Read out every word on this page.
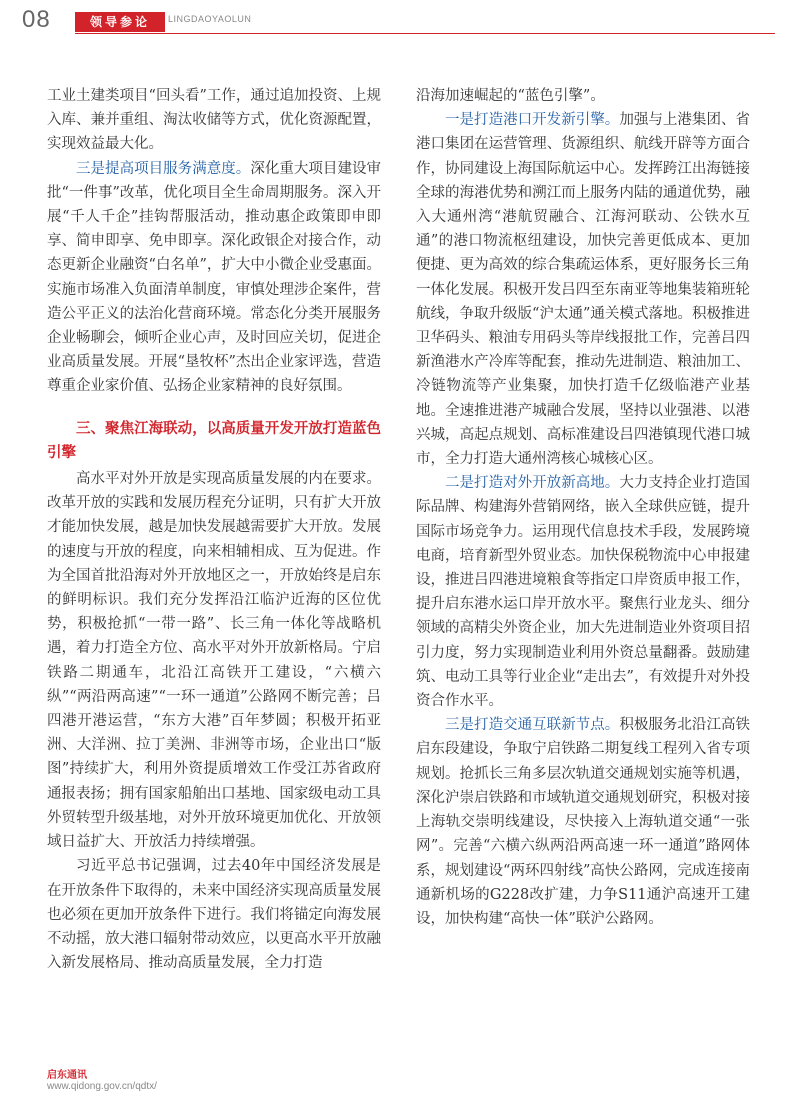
08	领导参论	LINGDAOYAOLUN

工业土建类项目“回头看”工作，通过追加投资、上规入库、兼并重组、淘汰收储等方式，优化资源配置，实现效益最大化。

三是提高项目服务满意度。深化重大项目建设审批“一件事”改革，优化项目全生命周期服务。深入开展“千人千企”挂钩帮服活动，推动惠企政策即申即享、简申即享、免申即享。深化政银企对接合作，动态更新企业融资“白名单”，扩大中小微企业受惠面。实施市场准入负面清单制度，审慎处理涉企案件，营造公平正义的法治化营商环境。常态化分类开展服务企业畅聊会，倾听企业心声，及时回应关切，促进企业高质量发展。开展“垦牧杯”杰出企业家评选，营造尊重企业家价值、弘扬企业家精神的良好氛围。

三、聚焦江海联动，以高质量开发开放打造蓝色引擎

高水平对外开放是实现高质量发展的内在要求。改革开放的实践和发展历程充分证明，只有扩大开放才能加快发展，越是加快发展越需要扩大开放。发展的速度与开放的程度，向来相辅相成、互为促进。作为全国首批沿海对外开放地区之一，开放始终是启东的鲜明标识。我们充分发挥沿江临沪近海的区位优势，积极抢抓“一带一路”、长三角一体化等战略机遇，着力打造全方位、高水平对外开放新格局。宁启铁路二期通车，北沿江高铁开工建设，“六横六纵”“两沿两高速”“一环一通道”公路网不断完善；吕四港开港运营，“东方大港”百年梦圆；积极开拓亚洲、大洋洲、拉丁美洲、非洲等市场，企业出口“版图”持续扩大，利用外资提质增效工作受江苏省政府通报表扬；拥有国家船舶出口基地、国家级电动工具外贸转型升级基地，对外开放环境更加优化、开放领域日益扩大、开放活力持续增强。

习近平总书记强调，过去40年中国经济发展是在开放条件下取得的，未来中国经济实现高质量发展也必须在更加开放条件下进行。我们将锚定向海发展不动摇，放大港口辐射带动效应，以更高水平开放融入新发展格局、推动高质量发展，全力打造

沿海加速崛起的“蓝色引擎”。

一是打造港口开发新引擎。加强与上港集团、省港口集团在运营管理、货源组织、航线开辟等方面合作，协同建设上海国际航运中心。发挥跨江出海链接全球的海港优势和溯江而上服务内陆的通道优势，融入大通州湾“港航贸融合、江海河联动、公铁水互通”的港口物流枢纽建设，加快完善更低成本、更加便捷、更为高效的综合集疏运体系，更好服务长三角一体化发展。积极开发吕四至东南亚等地集装箱班轮航线，争取升级版“沪太通”通关模式落地。积极推进卫华码头、粮油专用码头等岸线报批工作，完善吕四新渔港水产冷库等配套，推动先进制造、粮油加工、冷链物流等产业集聚，加快打造千亿级临港产业基地。全速推进港产城融合发展，坚持以业强港、以港兴城，高起点规划、高标准建设吕四港镇现代港口城市，全力打造大通州湾核心城核心区。

二是打造对外开放新高地。大力支持企业打造国际品牌、构建海外营销网络，嵌入全球供应链，提升国际市场竞争力。运用现代信息技术手段，发展跨境电商，培育新型外贸业态。加快保税物流中心申报建设，推进吕四港进境粮食等指定口岸资质申报工作，提升启东港水运口岸开放水平。聚焦行业龙头、细分领域的高精尖外资企业，加大先进制造业外资项目招引力度，努力实现制造业利用外资总量翻番。鼓励建筑、电动工具等行业企业“走出去”，有效提升对外投资合作水平。

三是打造交通互联新节点。积极服务北沿江高铁启东段建设，争取宁启铁路二期复线工程列入省专项规划。抢抓长三角多层次轨道交通规划实施等机遇，深化沪崇启铁路和市域轨道交通规划研究，积极对接上海轨交崇明线建设，尽快接入上海轨道交通“一张网”。完善“六横六纵两沿两高速一环一通道”路网体系，规划建设“两环四射线”高快公路网，完成连接南通新机场的G228改扩建，力争S11通沪高速开工建设，加快构建“高快一体”联沪公路网。

启东通讯
www.qidong.gov.cn/qdtx/
